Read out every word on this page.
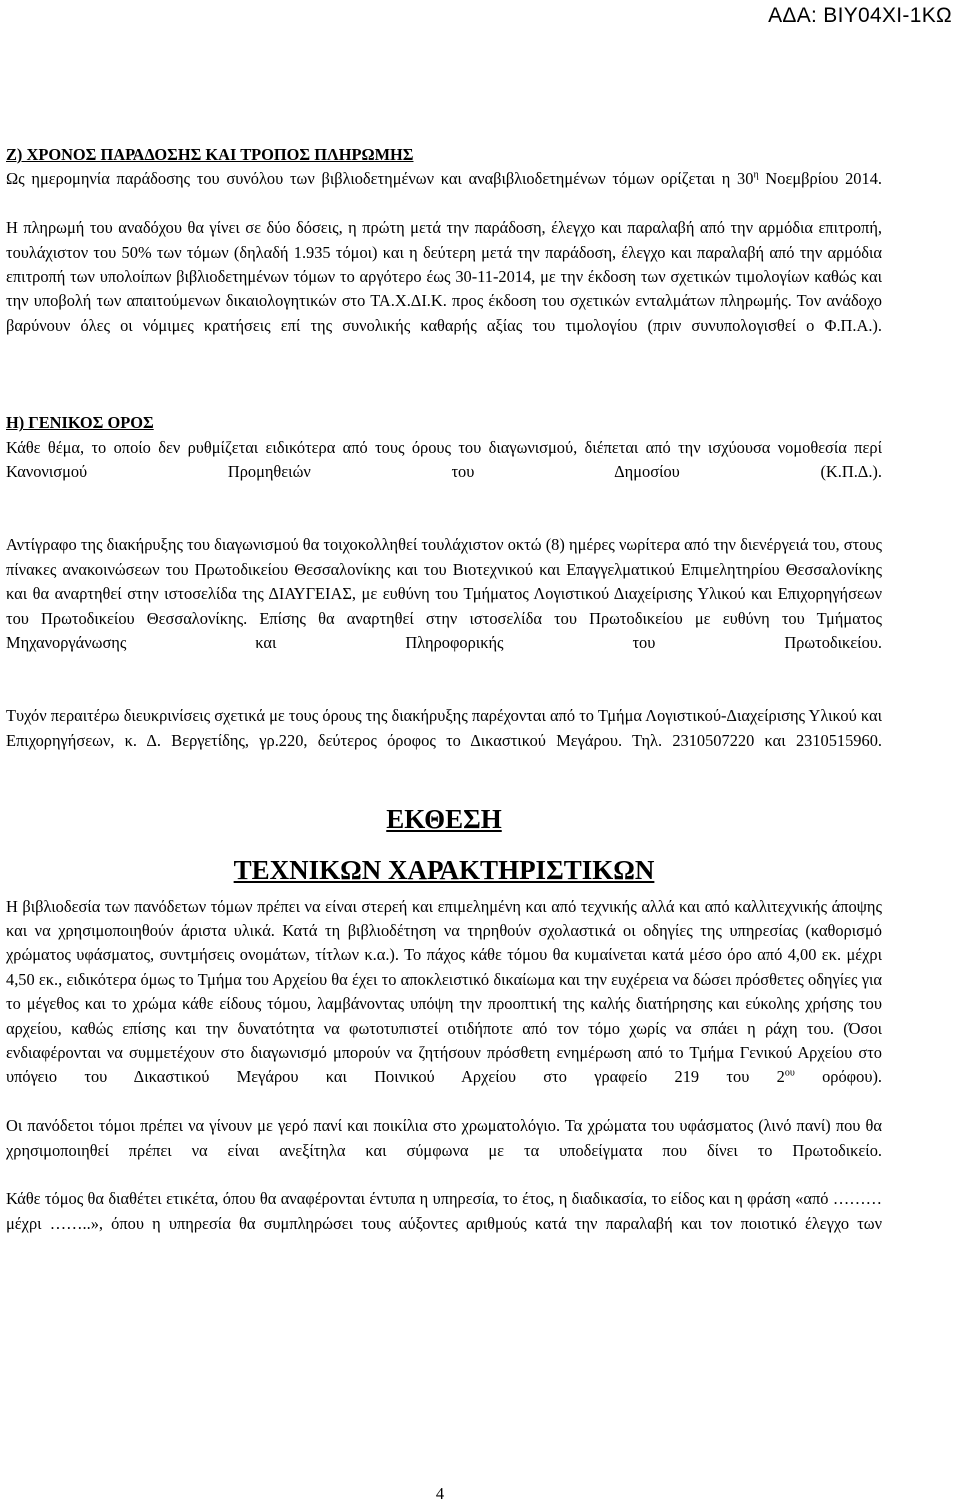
ΑΔΑ: ΒΙΥ04ΧΙ-1ΚΩ
Ζ) ΧΡΟΝΟΣ ΠΑΡΑΔΟΣΗΣ ΚΑΙ ΤΡΟΠΟΣ ΠΛΗΡΩΜΗΣ
Ως ημερομηνία παράδοσης του συνόλου των βιβλιοδετημένων και αναβιβλιοδετημένων τόμων ορίζεται η $30^\eta$ Νοεμβρίου 2014.
Η πληρωμή του αναδόχου θα γίνει σε δύο δόσεις, η πρώτη μετά την παράδοση, έλεγχο και παραλαβή από την αρμόδια επιτροπή, τουλάχιστον του 50% των τόμων (δηλαδή 1.935 τόμοι) και η δεύτερη μετά την παράδοση, έλεγχο και παραλαβή από την αρμόδια επιτροπή των υπολοίπων βιβλιοδετημένων τόμων το αργότερο έως 30-11-2014, με την έκδοση των σχετικών τιμολογίων καθώς και την υποβολή των απαιτούμενων δικαιολογητικών στο ΤΑ.Χ.ΔΙ.Κ. προς έκδοση του σχετικών ενταλμάτων πληρωμής. Τον ανάδοχο βαρύνουν όλες οι νόμιμες κρατήσεις επί της συνολικής καθαρής αξίας του τιμολογίου (πριν συνυπολογισθεί ο Φ.Π.Α.).
Η) ΓΕΝΙΚΟΣ ΟΡΟΣ
Κάθε θέμα, το οποίο δεν ρυθμίζεται ειδικότερα από τους όρους του διαγωνισμού, διέπεται από την ισχύουσα νομοθεσία περί Κανονισμού Προμηθειών του Δημοσίου (Κ.Π.Δ.).
Αντίγραφο της διακήρυξης του διαγωνισμού θα τοιχοκολληθεί τουλάχιστον οκτώ (8) ημέρες νωρίτερα από την διενέργειά του, στους πίνακες ανακοινώσεων του Πρωτοδικείου Θεσσαλονίκης και του Βιοτεχνικού και Επαγγελματικού Επιμελητηρίου Θεσσαλονίκης και θα αναρτηθεί στην ιστοσελίδα της ΔΙΑΥΓΕΙΑΣ, με ευθύνη του Τμήματος Λογιστικού Διαχείρισης Υλικού και Επιχορηγήσεων του Πρωτοδικείου Θεσσαλονίκης. Επίσης θα αναρτηθεί στην ιστοσελίδα του Πρωτοδικείου με ευθύνη του Τμήματος Μηχανοργάνωσης και Πληροφορικής του Πρωτοδικείου.
Τυχόν περαιτέρω διευκρινίσεις σχετικά με τους όρους της διακήρυξης παρέχονται από το Τμήμα Λογιστικού-Διαχείρισης Υλικού και Επιχορηγήσεων, κ. Δ. Βεργετίδης, γρ.220, δεύτερος όροφος το Δικαστικού Μεγάρου. Τηλ. 2310507220 και 2310515960.
ΕΚΘΕΣΗ
ΤΕΧΝΙΚΩΝ ΧΑΡΑΚΤΗΡΙΣΤΙΚΩΝ
Η βιβλιοδεσία των πανόδετων τόμων πρέπει να είναι στερεή και επιμελημένη και από τεχνικής αλλά και από καλλιτεχνικής άποψης και να χρησιμοποιηθούν άριστα υλικά. Κατά τη βιβλιοδέτηση να τηρηθούν σχολαστικά οι οδηγίες της υπηρεσίας (καθορισμό χρώματος υφάσματος, συντμήσεις ονομάτων, τίτλων κ.α.). Το πάχος κάθε τόμου θα κυμαίνεται κατά μέσο όρο από 4,00 εκ. μέχρι 4,50 εκ., ειδικότερα όμως το Τμήμα του Αρχείου θα έχει το αποκλειστικό δικαίωμα και την ευχέρεια να δώσει πρόσθετες οδηγίες για το μέγεθος και το χρώμα κάθε είδους τόμου, λαμβάνοντας υπόψη την προοπτική της καλής διατήρησης και εύκολης χρήσης του αρχείου, καθώς επίσης και την δυνατότητα να φωτοτυπιστεί οτιδήποτε από τον τόμο χωρίς να σπάει η ράχη του. (Όσοι ενδιαφέρονται να συμμετέχουν στο διαγωνισμό μπορούν να ζητήσουν πρόσθετη ενημέρωση από το Τμήμα Γενικού Αρχείου στο υπόγειο του Δικαστικού Μεγάρου και Ποινικού Αρχείου στο γραφείο 219 του $2^{o\upsilon}$ ορόφου).
Οι πανόδετοι τόμοι πρέπει να γίνουν με γερό πανί και ποικίλια στο χρωματολόγιο. Τα χρώματα του υφάσματος (λινό πανί) που θα χρησιμοποιηθεί πρέπει να είναι ανεξίτηλα και σύμφωνα με τα υποδείγματα που δίνει το Πρωτοδικείο.
Κάθε τόμος θα διαθέτει ετικέτα, όπου θα αναφέρονται έντυπα η υπηρεσία, το έτος, η διαδικασία, το είδος και η φράση «από ……… μέχρι ……..», όπου η υπηρεσία θα συμπληρώσει τους αύξοντες αριθμούς κατά την παραλαβή και τον ποιοτικό έλεγχο των
4
